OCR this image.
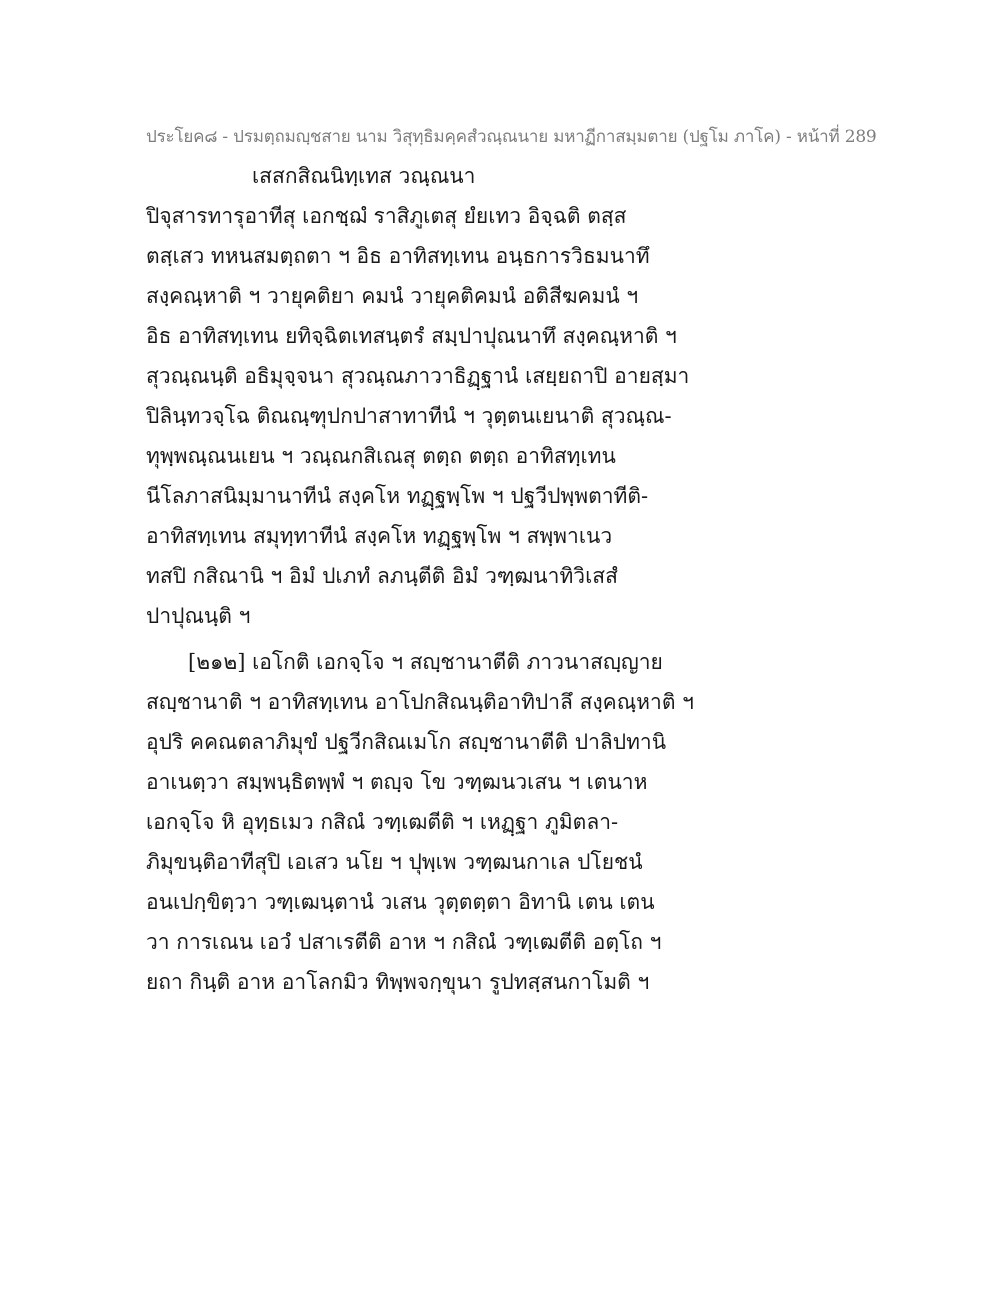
ประโยค๘ - ปรมตฺถมญฺชสาย นาม วิสุทฺธิมคฺคสํวณฺณนาย มหาฏีกาสมฺมตาย (ปฐโม ภาโค) - หน้าที่ 289
เสสกสิณนิทฺเทส วณฺณนา
ปิจุสารทารุอาทีสุ เอกชฺฌํ ราสิภูเตสุ ยํยเทว อิจฺฉติ ตสฺส
ตสฺเสว ทหนสมตฺถตา ฯ อิธ อาทิสทฺเทน อนฺธการวิธมนาทึ
สงฺคณฺหาติ ฯ วายุคติยา คมนํ วายุคติคมนํ อติสีฆคมนํ ฯ
อิธ อาทิสทฺเทน ยทิจฺฉิตเทสนฺตรํ สมฺปาปุณนาทึ สงฺคณฺหาติ ฯ
สุวณฺณนฺติ อธิมุจฺจนา สุวณฺณภาวาธิฏฺฐานํ เสยฺยถาปิ อายสฺมา
ปิลินฺทวจฺโฉ ติณณฺฑุปกปาสาทาทีนํ ฯ วุตฺตนเยนาติ สุวณฺณ-
ทุพฺพณฺณนเยน ฯ วณฺณกสิเณสุ ตตฺถ ตตฺถ อาทิสทฺเทน
นีโลภาสนิมฺมานาทีนํ สงฺคโห ทฏฺฐพฺโพ ฯ ปฐวีปพฺพตาทีติ-
อาทิสทฺเทน สมุทฺทาทีนํ สงฺคโห ทฏฺฐพฺโพ ฯ สพฺพาเนว
ทสปิ กสิณานิ ฯ อิมํ ปเภทํ ลภนฺตีติ อิมํ วฑฺฒนาทิวิเสสํ
ปาปุณนฺติ ฯ
[๒๑๒] เอโกติ เอกจฺโจ ฯ สญฺชานาตีติ ภาวนาสญฺญาย
สญฺชานาติ ฯ อาทิสทฺเทน อาโปกสิณนฺติอาทิปาลึ สงฺคณฺหาติ ฯ
อุปริ คคณตลาภิมุขํ ปฐวีกสิณเมโก สญฺชานาตีติ ปาลิปทานิ
อาเนตฺวา สมฺพนฺธิตพฺพํ ฯ ตญฺจ โข วฑฺฒนวเสน ฯ เตนาห
เอกจฺโจ หิ อุทฺธเมว กสิณํ วฑฺเฒตีติ ฯ เหฏฺฐา ภูมิตลา-
ภิมุขนฺติอาทีสุปิ เอเสว นโย ฯ ปุพฺเพ วฑฺฒนกาเล ปโยชนํ
อนเปกฺขิตฺวา วฑฺเฒนฺตานํ วเสน วุตฺตตฺตา อิทานิ เตน เตน
วา การเณน เอวํ ปสาเรตีติ อาห ฯ กสิณํ วฑฺเฒตีติ อตฺโถ ฯ
ยถา กินฺติ อาห อาโลกมิว ทิพฺพจกฺขุนา รูปทสฺสนกาโมติ ฯ
